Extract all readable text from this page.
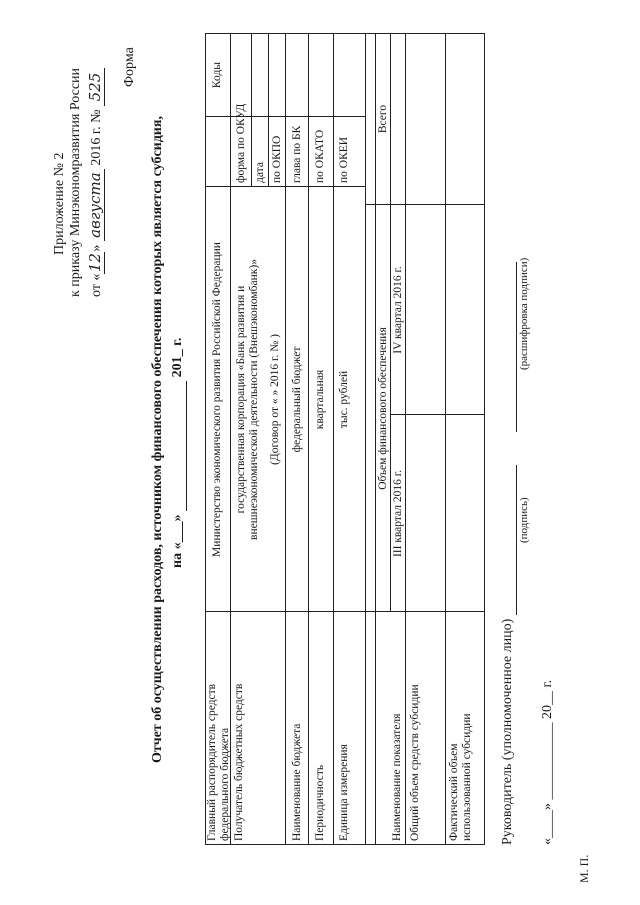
Приложение № 2 к приказу Минэкономразвития России от «12» августа 2016 г. № 525
Форма
Отчет об осуществлении расходов, источником финансового обеспечения которых является субсидия, на «___»   201_ г.
Коды
Главный распорядитель средств федерального бюджета
Министерство экономического развития Российской Федерации
форма по ОКУД
Получатель бюджетных средств
государственная корпорация «Банк развития и внешнеэкономической деятельности (Внешэкономбанк)» (Договор от « » 2016 г. № )
дата по ОКПО
Наименование бюджета
федеральный бюджет
глава по БК
Периодичность
квартальная
по ОКАТО
Единица измерения
тыс. рублей
по ОКЕИ
Объем финансового обеспечения
Наименование показателя
III квартал 2016 г.
IV квартал 2016 г.
Всего
Общий объем средств субсидии Фактический объем использованной субсидии Руководитель (уполномоченное лицо)
(подпись)
(расшифровка подписи)
«____» ___________ 20__ г.
М. П.
